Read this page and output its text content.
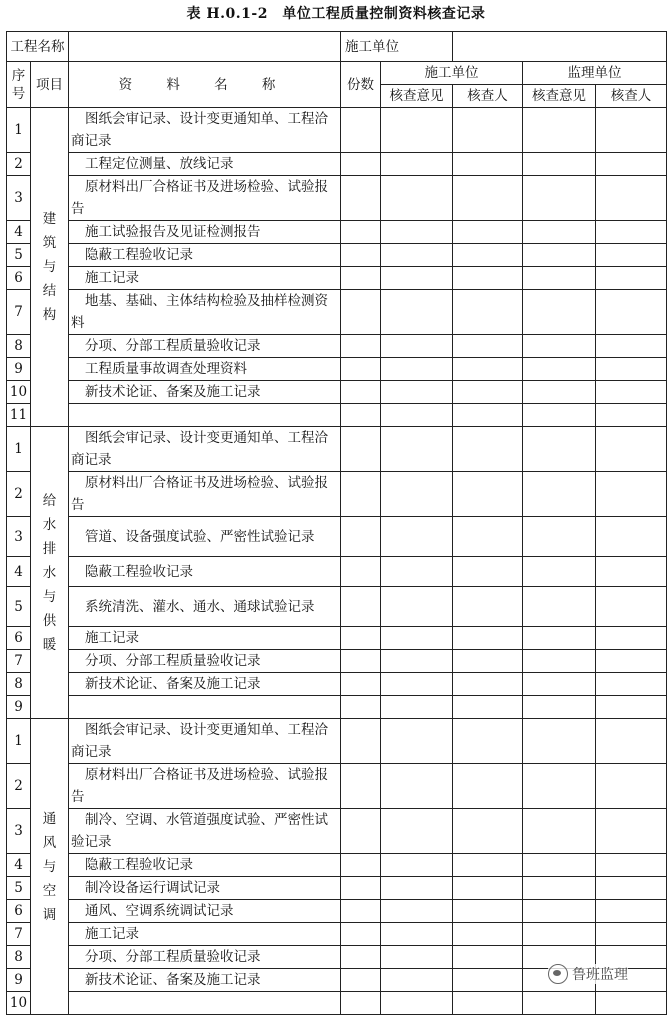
表 H.0.1-2　单位工程质量控制资料核查记录
工程名称			施工单位				
序号	项目	资 料 名 称	份数	施工单位		监理单位	
				核查意见	核查人	核查意见	核查人
1	建筑与结构	图纸会审记录、设计变更通知单、工程洽商记录					
2		工程定位测量、放线记录					
3		原材料出厂合格证书及进场检验、试验报告					
4		施工试验报告及见证检测报告					
5		隐蔽工程验收记录					
6		施工记录					
7		地基、基础、主体结构检验及抽样检测资料					
8		分项、分部工程质量验收记录					
9		工程质量事故调查处理资料					
10		新技术论证、备案及施工记录					
11							
1	给水排水与供暖	图纸会审记录、设计变更通知单、工程洽商记录					
2		原材料出厂合格证书及进场检验、试验报告					
3		管道、设备强度试验、严密性试验记录					
4		隐蔽工程验收记录					
5		系统清洗、灌水、通水、通球试验记录					
6		施工记录					
7		分项、分部工程质量验收记录					
8		新技术论证、备案及施工记录					
9							
1	通风与空调	图纸会审记录、设计变更通知单、工程洽商记录					
2		原材料出厂合格证书及进场检验、试验报告					
3		制冷、空调、水管道强度试验、严密性试验记录					
4		隐蔽工程验收记录					
5		制冷设备运行调试记录					
6		通风、空调系统调试记录					
7		施工记录					
8		分项、分部工程质量验收记录					
9		新技术论证、备案及施工记录					
10							
鲁班监理
